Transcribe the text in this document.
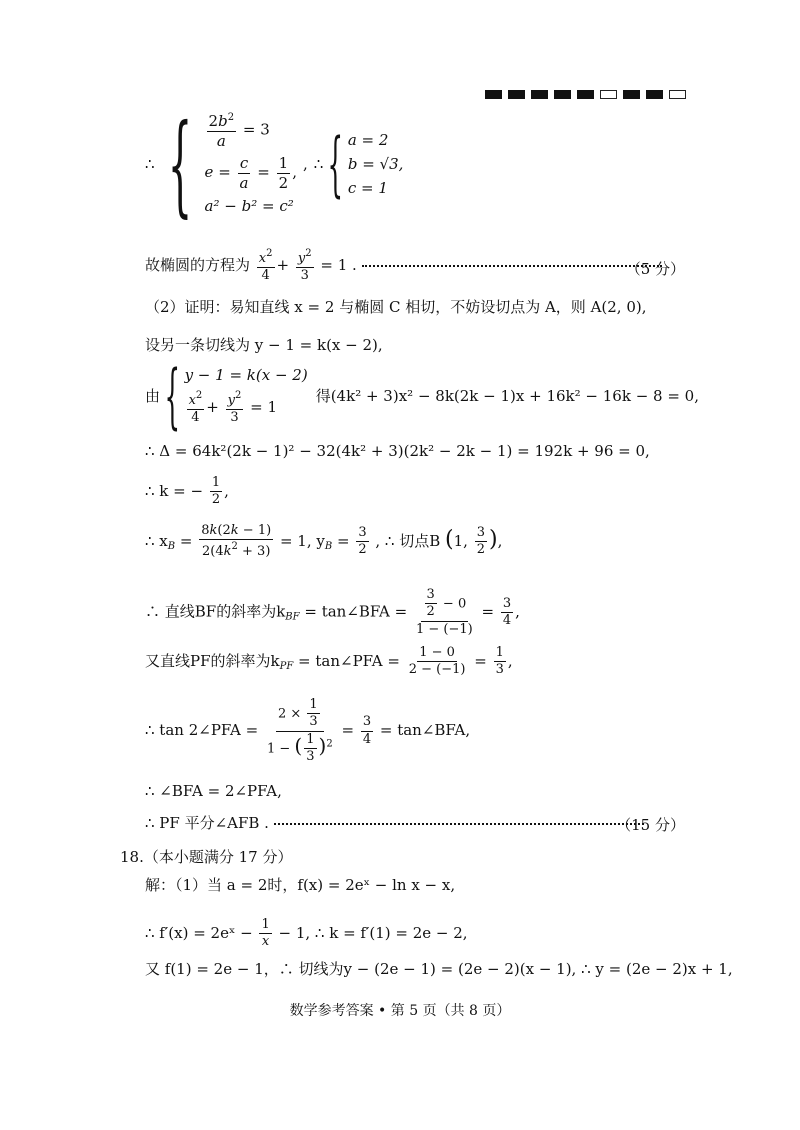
∴ { $\frac{2b^2}{a} = 3$
$e = \frac{c}{a} = \frac{1}{2}$ ,
a² − b² = c²
, ∴ { a = 2
b = √3,
c = 1
故椭圆的方程为 $\frac{x^2}{4} + \frac{y^2}{3} = 1$ .	（5 分）
（2）证明：易知直线 x = 2 与椭圆 C 相切，不妨设切点为 A，则 A(2, 0),
设另一条切线为 y − 1 = k(x − 2),
由 { y − 1 = k(x − 2)
$\frac{x^2}{4} + \frac{y^2}{3} = 1$
得(4k² + 3)x² − 8k(2k − 1)x + 16k² − 16k − 8 = 0,
∴ Δ = 64k²(2k − 1)² − 32(4k² + 3)(2k² − 2k − 1) = 192k + 96 = 0,
∴ k = − $\frac{1}{2}$ ,
∴ $x_B = \frac{8k(2k - 1)}{2(4k^2 + 3)} = 1$, $y_B = \frac{3}{2}$ , ∴ 切点B (1, $\frac{3}{2}$ ),
∴ 直线BF的斜率为$k_{BF}$ = tan∠BFA = $\frac{\frac{3}{2} - 0}{1 - (-1)} = \frac{3}{4}$ ,
又直线PF的斜率为$k_{PF}$ = tan∠PFA = $\frac{1 - 0}{2 - (-1)} = \frac{1}{3}$ ,
∴ tan 2∠PFA = $\frac{2 \times \frac{1}{3}}{1 - ( \frac{1}{3} )^2} = \frac{3}{4}$ = tan∠BFA,
∴ ∠BFA = 2∠PFA,
∴ PF 平分∠AFB .	（15 分）
18.（本小题满分 17 分）
解：（1）当 a = 2时，f(x) = 2eˣ − ln x − x,
∴ f′(x) = 2eˣ − $\frac{1}{x} - 1$, ∴ k = f′(1) = 2e − 2,
又 f(1) = 2e − 1，∴ 切线为y − (2e − 1) = (2e − 2)(x − 1), ∴ y = (2e − 2)x + 1,
数学参考答案 • 第 5 页（共 8 页）
